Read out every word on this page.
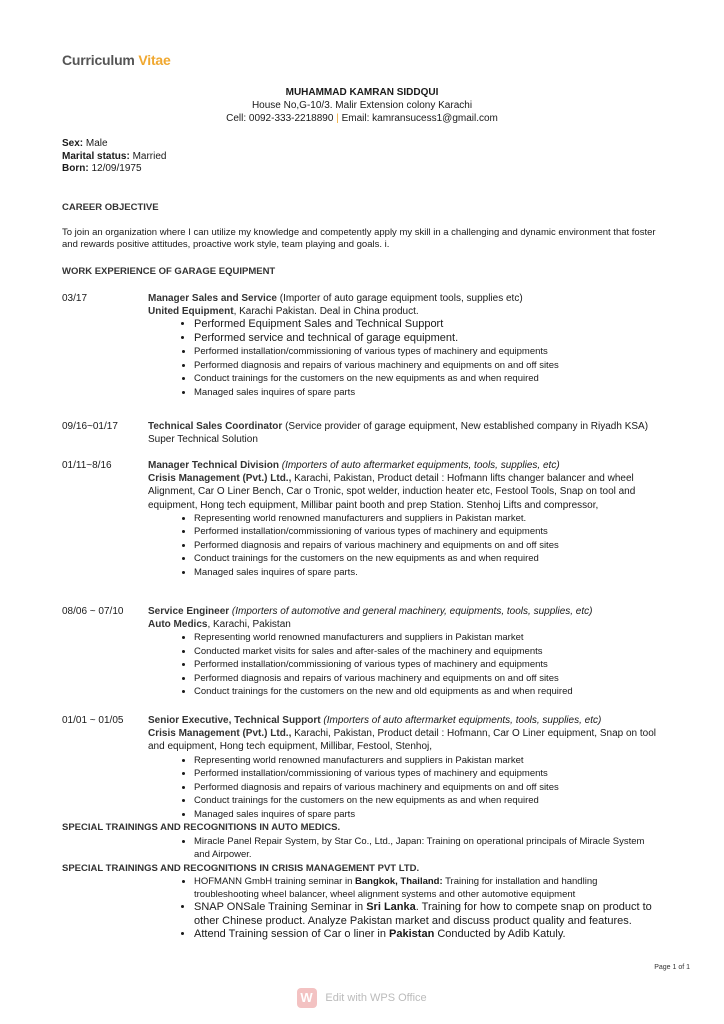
Curriculum Vitae
MUHAMMAD KAMRAN SIDDQUI
House No,G-10/3. Malir Extension colony Karachi
Cell: 0092-333-2218890 | Email: kamransucess1@gmail.com
Sex: Male
Marital status: Married
Born: 12/09/1975
CAREER OBJECTIVE
To join an organization where I can utilize my knowledge and competently apply my skill in a challenging and dynamic environment that foster and rewards positive attitudes, proactive work style, team playing and goals. i.
WORK EXPERIENCE OF GARAGE EQUIPMENT
03/17	Manager Sales and Service (Importer of auto garage equipment tools, supplies etc)
United Equipment, Karachi Pakistan. Deal in China product.
• Performed Equipment Sales and Technical Support
• Performed service and technical of garage equipment.
• Performed installation/commissioning of various types of machinery and equipments
• Performed diagnosis and repairs of various machinery and equipments on and off sites
• Conduct trainings for the customers on the new equipments as and when required
• Managed sales inquires of spare parts
09/16~01/17	Technical Sales Coordinator (Service provider of garage equipment, New established company in Riyadh KSA) Super Technical Solution
01/11~8/16	Manager Technical Division (Importers of auto aftermarket equipments, tools, supplies, etc)
Crisis Management (Pvt.) Ltd., Karachi, Pakistan, Product detail : Hofmann lifts changer balancer and wheel Alignment, Car O Liner Bench, Car o Tronic, spot welder, induction heater etc, Festool Tools, Snap on tool and equipment, Hong tech equipment, Millibar paint booth and prep Station. Stenhoj Lifts and compressor,
• Representing world renowned manufacturers and suppliers in Pakistan market.
• Performed installation/commissioning of various types of machinery and equipments
• Performed diagnosis and repairs of various machinery and equipments on and off sites
• Conduct trainings for the customers on the new equipments as and when required
• Managed sales inquires of spare parts.
08/06 ~ 07/10 Service Engineer (Importers of automotive and general machinery, equipments, tools, supplies, etc)
Auto Medics, Karachi, Pakistan
• Representing world renowned manufacturers and suppliers in Pakistan market
• Conducted market visits for sales and after-sales of the machinery and equipments
• Performed installation/commissioning of various types of machinery and equipments
• Performed diagnosis and repairs of various machinery and equipments on and off sites
• Conduct trainings for the customers on the new and old equipments as and when required
01/01 ~ 01/05 Senior Executive, Technical Support (Importers of auto aftermarket equipments, tools, supplies, etc)
Crisis Management (Pvt.) Ltd., Karachi, Pakistan, Product detail : Hofmann, Car O Liner equipment, Snap on tool and equipment, Hong tech equipment, Millibar, Festool, Stenhoj,
• Representing world renowned manufacturers and suppliers in Pakistan market
• Performed installation/commissioning of various types of machinery and equipments
• Performed diagnosis and repairs of various machinery and equipments on and off sites
• Conduct trainings for the customers on the new equipments as and when required
• Managed sales inquires of spare parts
SPECIAL TRAININGS AND RECOGNITIONS IN AUTO MEDICS.
• Miracle Panel Repair System, by Star Co., Ltd., Japan: Training on operational principals of Miracle System and Airpower.
SPECIAL TRAININGS AND RECOGNITIONS IN CRISIS MANAGEMENT PVT LTD.
• HOFMANN GmbH training seminar in Bangkok, Thailand: Training for installation and handling troubleshooting wheel balancer, wheel alignment systems and other automotive equipment
• SNAP ONSale Training Seminar in Sri Lanka. Training for how to compete snap on product to other Chinese product. Analyze Pakistan market and discuss product quality and features.
• Attend Training session of Car o liner in Pakistan Conducted by Adib Katuly.
Page 1 of 1
WEdit with WPS Office
